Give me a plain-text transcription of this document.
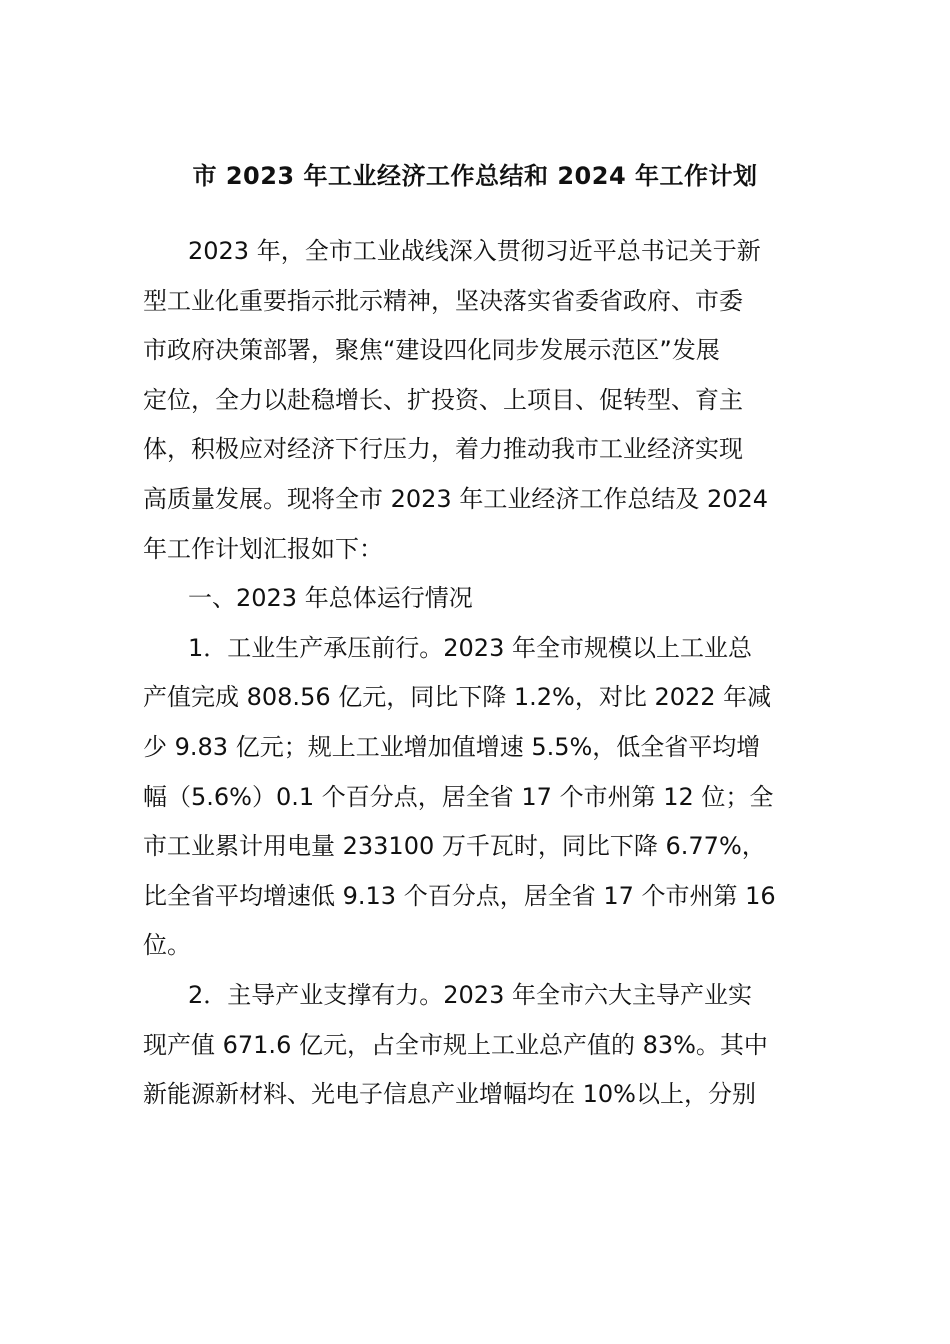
市 2023 年工业经济工作总结和 2024 年工作计划
2023 年，全市工业战线深入贯彻习近平总书记关于新
型工业化重要指示批示精神，坚决落实省委省政府、市委
市政府决策部署，聚焦“建设四化同步发展示范区”发展
定位，全力以赴稳增长、扩投资、上项目、促转型、育主
体，积极应对经济下行压力，着力推动我市工业经济实现
高质量发展。现将全市 2023 年工业经济工作总结及 2024
年工作计划汇报如下：
一、2023 年总体运行情况
1．工业生产承压前行。2023 年全市规模以上工业总
产值完成 808.56 亿元，同比下降 1.2%，对比 2022 年减
少 9.83 亿元；规上工业增加值增速 5.5%，低全省平均增
幅（5.6%）0.1 个百分点，居全省 17 个市州第 12 位；全
市工业累计用电量 233100 万千瓦时，同比下降 6.77%，
比全省平均增速低 9.13 个百分点，居全省 17 个市州第 16
位。
2．主导产业支撑有力。2023 年全市六大主导产业实
现产值 671.6 亿元，占全市规上工业总产值的 83%。其中
新能源新材料、光电子信息产业增幅均在 10%以上，分别
